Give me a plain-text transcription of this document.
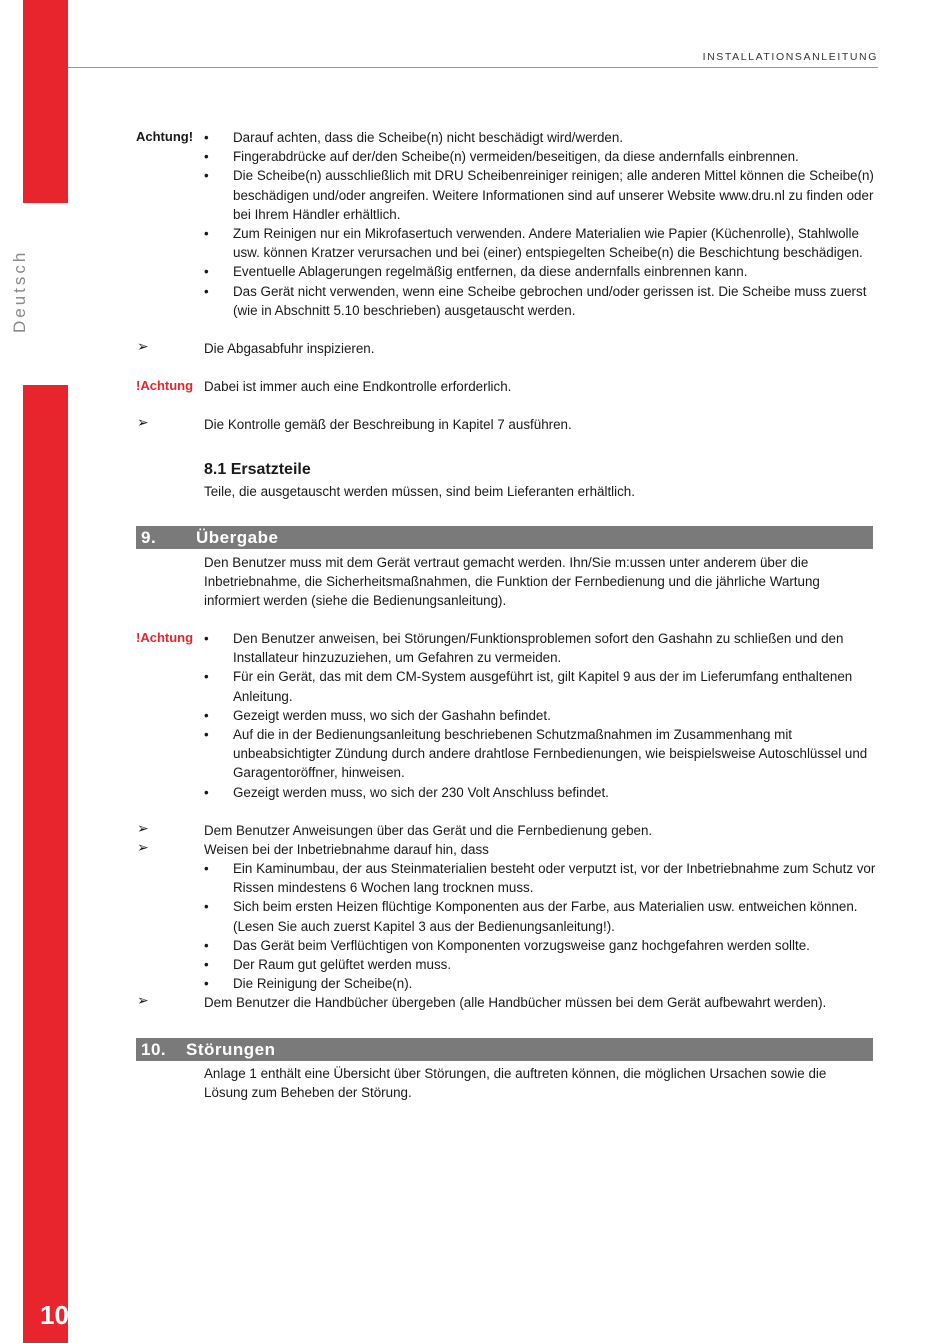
Deutsch
10
INSTALLATIONSANLEITUNG
Achtung!	• Darauf achten, dass die Scheibe(n) nicht beschädigt wird/werden.
• Fingerabdrücke auf der/den Scheibe(n) vermeiden/beseitigen, da diese andernfalls einbrennen.
• Die Scheibe(n) ausschließlich mit DRU Scheibenreiniger reinigen; alle anderen Mittel können die Scheibe(n) beschädigen und/oder angreifen. Weitere Informationen sind auf unserer Website www.dru.nl zu finden oder bei Ihrem Händler erhältlich.
• Zum Reinigen nur ein Mikrofasertuch verwenden. Andere Materialien wie Papier (Küchenrolle), Stahlwolle usw. können Kratzer verursachen und bei (einer) entspiegelten Scheibe(n) die Beschichtung beschädigen.
• Eventuelle Ablagerungen regelmäßig entfernen, da diese andernfalls einbrennen kann.
• Das Gerät nicht verwenden, wenn eine Scheibe gebrochen und/oder gerissen ist. Die Scheibe muss zuerst (wie in Abschnitt 5.10 beschrieben) ausgetauscht werden.
➢	Die Abgasabfuhr inspizieren.
!Achtung Dabei ist immer auch eine Endkontrolle erforderlich.
➢	Die Kontrolle gemäß der Beschreibung in Kapitel 7 ausführen.
8.1 Ersatzteile
Teile, die ausgetauscht werden müssen, sind beim Lieferanten erhältlich.
9. Übergabe
Den Benutzer muss mit dem Gerät vertraut gemacht werden. Ihn/Sie m:ussen unter anderem über die Inbetriebnahme, die Sicherheitsmaßnahmen, die Funktion der Fernbedienung und die jährliche Wartung informiert werden (siehe die Bedienungsanleitung).
!Achtung	• Den Benutzer anweisen, bei Störungen/Funktionsproblemen sofort den Gashahn zu schließen und den Installateur hinzuzuziehen, um Gefahren zu vermeiden.
• Für ein Gerät, das mit dem CM-System ausgeführt ist, gilt Kapitel 9 aus der im Lieferumfang enthaltenen Anleitung.
• Gezeigt werden muss, wo sich der Gashahn befindet.
• Auf die in der Bedienungsanleitung beschriebenen Schutzmaßnahmen im Zusammenhang mit unbeabsichtigter Zündung durch andere drahtlose Fernbedienungen, wie beispielsweise Autoschlüssel und Garagentoröffner, hinweisen.
• Gezeigt werden muss, wo sich der 230 Volt Anschluss befindet.
➢	Dem Benutzer Anweisungen über das Gerät und die Fernbedienung geben.
➢	Weisen bei der Inbetriebnahme darauf hin, dass
• Ein Kaminumbau, der aus Steinmaterialien besteht oder verputzt ist, vor der Inbetriebnahme zum Schutz vor Rissen mindestens 6 Wochen lang trocknen muss.
• Sich beim ersten Heizen flüchtige Komponenten aus der Farbe, aus Materialien usw. entweichen können. (Lesen Sie auch zuerst Kapitel 3 aus der Bedienungsanleitung!).
• Das Gerät beim Verflüchtigen von Komponenten vorzugsweise ganz hochgefahren werden sollte.
• Der Raum gut gelüftet werden muss.
• Die Reinigung der Scheibe(n).
➢	Dem Benutzer die Handbücher übergeben (alle Handbücher müssen bei dem Gerät aufbewahrt werden).
10. Störungen
Anlage 1 enthält eine Übersicht über Störungen, die auftreten können, die möglichen Ursachen sowie die Lösung zum Beheben der Störung.
